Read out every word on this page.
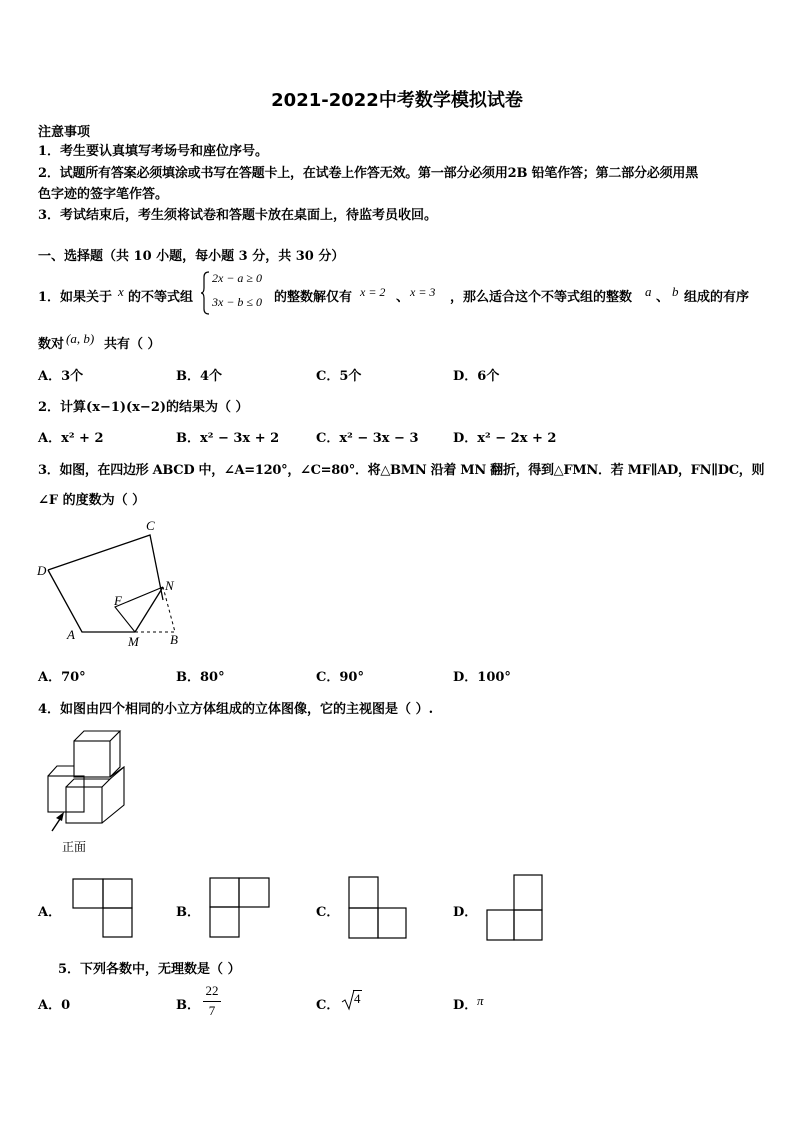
2021-2022中考数学模拟试卷
注意事项
1．考生要认真填写考场号和座位序号。
2．试题所有答案必须填涂或书写在答题卡上，在试卷上作答无效。第一部分必须用2B 铅笔作答；第二部分必须用黑
色字迹的签字笔作答。
3．考试结束后，考生须将试卷和答题卡放在桌面上，待监考员收回。
一、选择题（共 10 小题，每小题 3 分，共 30 分）
1．如果关于 x 的不等式组
2x − a ≥ 0
3x − b ≤ 0 的整数解仅有 x = 2 、 x = 3 ，那么适合这个不等式组的整数 a 、 b 组成的有序
数对 (a, b) 共有（ ）
A．3个	B．4个	C．5个	D．6个
2．计算(x−1)(x−2)的结果为（ ）
A．x² + 2	B．x² − 3x + 2	C．x² − 3x − 3	D．x² − 2x + 2
3．如图，在四边形 ABCD 中，∠A=120°，∠C=80°．将△BMN 沿着 MN 翻折，得到△FMN．若 MF∥AD，FN∥DC，则
∠F 的度数为（ ）
C
D
N
F
A	M B
A．70°	B．80°	C．90°	D．100°
4．如图由四个相同的小立方体组成的立体图像，它的主视图是（ ）.
正面
A．	B．	C．	D．
5．下列各数中，无理数是（ ）
A．0	B．
22
7	C． 4	D． π
